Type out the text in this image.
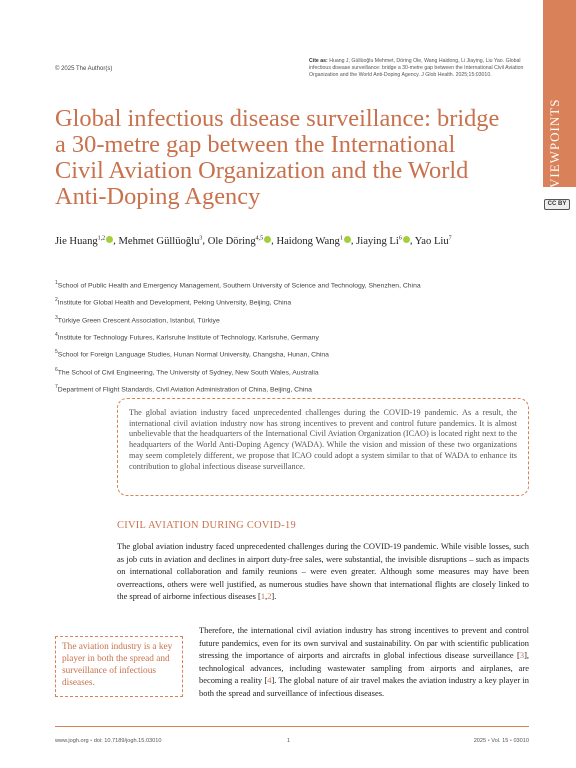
VIEWPOINTS
CC BY
© 2025 The Author(s)
Cite as: Huang J, Güllüoğlu Mehmet, Döring Ole, Wang Haidong, Li Jiaying, Liu Yao. Global infectious disease surveillance: bridge a 30-metre gap between the International Civil Aviation Organization and the World Anti-Doping Agency. J Glob Health. 2025;15:03010.
Global infectious disease surveillance: bridge a 30-metre gap between the International Civil Aviation Organization and the World Anti-Doping Agency
Jie Huang$^{1,2}$ , Mehmet Güllüoğlu$^3$, Ole Döring$^{4,5}$ , Haidong Wang$^1$ , Jiaying Li$^6$ , Yao Liu$^7$
$^1$School of Public Health and Emergency Management, Southern University of Science and Technology, Shenzhen, China
$^2$Institute for Global Health and Development, Peking University, Beijing, China
$^3$Türkiye Green Crescent Association, Istanbul, Türkiye
$^4$Institute for Technology Futures, Karlsruhe Institute of Technology, Karlsruhe, Germany
$^5$School for Foreign Language Studies, Hunan Normal University, Changsha, Hunan, China
$^6$The School of Civil Engineering, The University of Sydney, New South Wales, Australia
$^7$Department of Flight Standards, Civil Aviation Administration of China, Beijing, China
The global aviation industry faced unprecedented challenges during the COVID-19 pandemic. As a result, the international civil aviation industry now has strong incentives to prevent and control future pandemics. It is almost unbelievable that the headquarters of the International Civil Aviation Organization (ICAO) is located right next to the headquarters of the World Anti-Doping Agency (WADA). While the vision and mission of these two organizations may seem completely different, we propose that ICAO could adopt a system similar to that of WADA to enhance its contribution to global infectious disease surveillance.
CIVIL AVIATION DURING COVID-19

The global aviation industry faced unprecedented challenges during the COVID-19 pandemic. While visible losses, such as job cuts in aviation and declines in airport duty-free sales, were substantial, the invisible disruptions – such as impacts on international collaboration and family reunions – were even greater. Although some measures may have been overreactions, others were well justified, as numerous studies have shown that international flights are closely linked to the spread of airborne infectious diseases [1,2].

The aviation industry is a key player in both the spread and surveillance of infectious diseases.

Therefore, the international civil aviation industry has strong incentives to prevent and control future pandemics, even for its own survival and sustainability. On par with scientific publication stressing the importance of airports and aircrafts in global infectious disease surveillance [3], technological advances, including wastewater sampling from airports and airplanes, are becoming a reality [4]. The global nature of air travel makes the aviation industry a key player in both the spread and surveillance of infectious diseases.

www.jogh.org • doi: 10.7189/jogh.15.03010	1	2025 • Vol. 15 • 03010
